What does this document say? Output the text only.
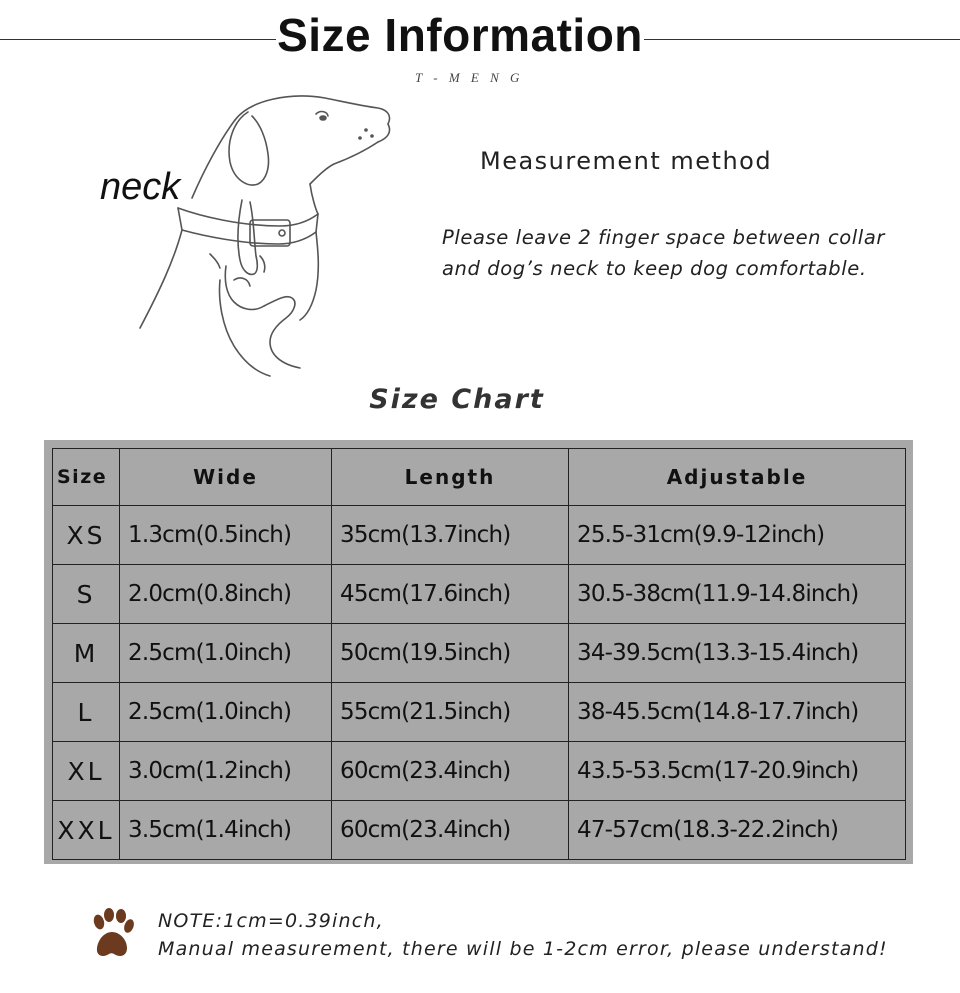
Size Information
T - M E N G
neck
Measurement method
Please leave 2 finger space between collar
and dog’s neck to keep dog comfortable.
Size Chart
Size	Wide	Length	Adjustable
XS	1.3cm(0.5inch)	35cm(13.7inch)	25.5-31cm(9.9-12inch)
S	2.0cm(0.8inch)	45cm(17.6inch)	30.5-38cm(11.9-14.8inch)
M	2.5cm(1.0inch)	50cm(19.5inch)	34-39.5cm(13.3-15.4inch)
L	2.5cm(1.0inch)	55cm(21.5inch)	38-45.5cm(14.8-17.7inch)
XL	3.0cm(1.2inch)	60cm(23.4inch)	43.5-53.5cm(17-20.9inch)
XXL	3.5cm(1.4inch)	60cm(23.4inch)	47-57cm(18.3-22.2inch)
NOTE:1cm=0.39inch,
Manual measurement, there will be 1-2cm error, please understand!
